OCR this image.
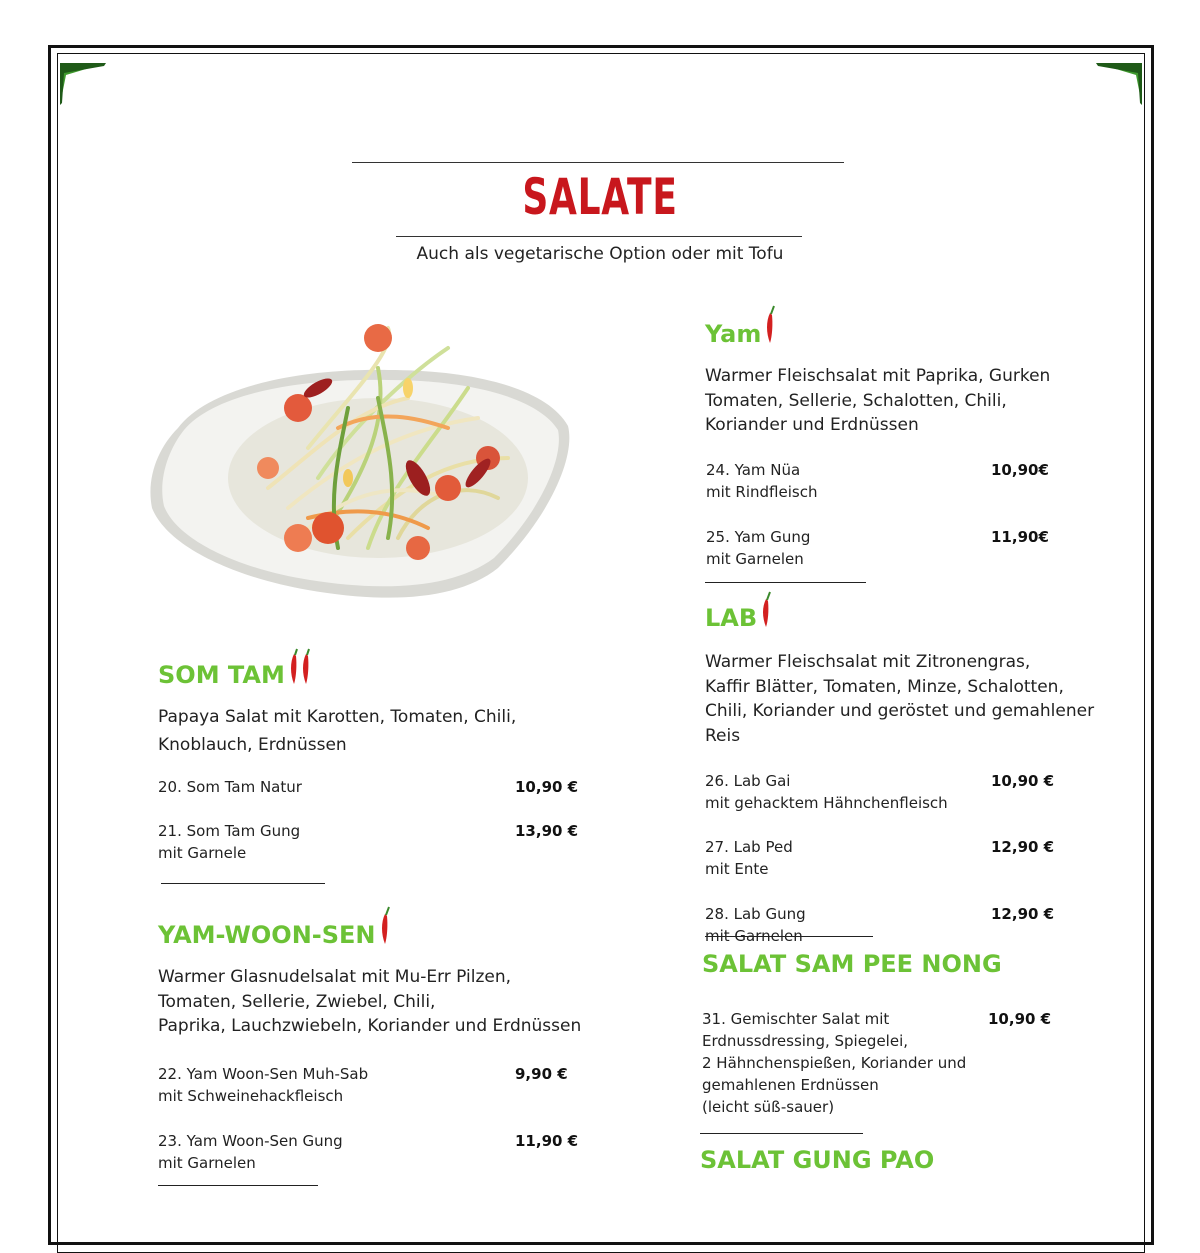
SALATE
Auch als vegetarische Option oder mit Tofu
SOM TAM
Papaya Salat mit Karotten, Tomaten, Chili,
Knoblauch, Erdnüssen
20. Som Tam Natur	10,90 €
21. Som Tam Gung
mit Garnele
13,90 €
YAM-WOON-SEN
Warmer Glasnudelsalat mit Mu-Err Pilzen,
Tomaten, Sellerie, Zwiebel, Chili,
Paprika, Lauchzwiebeln, Koriander und Erdnüssen
22. Yam Woon-Sen Muh-Sab
mit Schweinehackfleisch
9,90 €
23. Yam Woon-Sen Gung
mit Garnelen
11,90 €
Yam
Warmer Fleischsalat mit Paprika, Gurken
Tomaten, Sellerie, Schalotten, Chili,
Koriander und Erdnüssen
24. Yam Nüa
mit Rindfleisch
10,90€
25. Yam Gung
mit Garnelen
11,90€
LAB
Warmer Fleischsalat mit Zitronengras,
Kaffir Blätter, Tomaten, Minze, Schalotten,
Chili, Koriander und geröstet und gemahlener
Reis
26. Lab Gai
mit gehacktem Hähnchenfleisch
10,90 €
27. Lab Ped
mit Ente
12,90 €
28. Lab Gung
mit Garnelen
12,90 €
SALAT SAM PEE NONG
31. Gemischter Salat mit
Erdnussdressing, Spiegelei,
2 Hähnchenspießen, Koriander und
gemahlenen Erdnüssen
(leicht süß-sauer)
10,90 €
SALAT GUNG PAO
